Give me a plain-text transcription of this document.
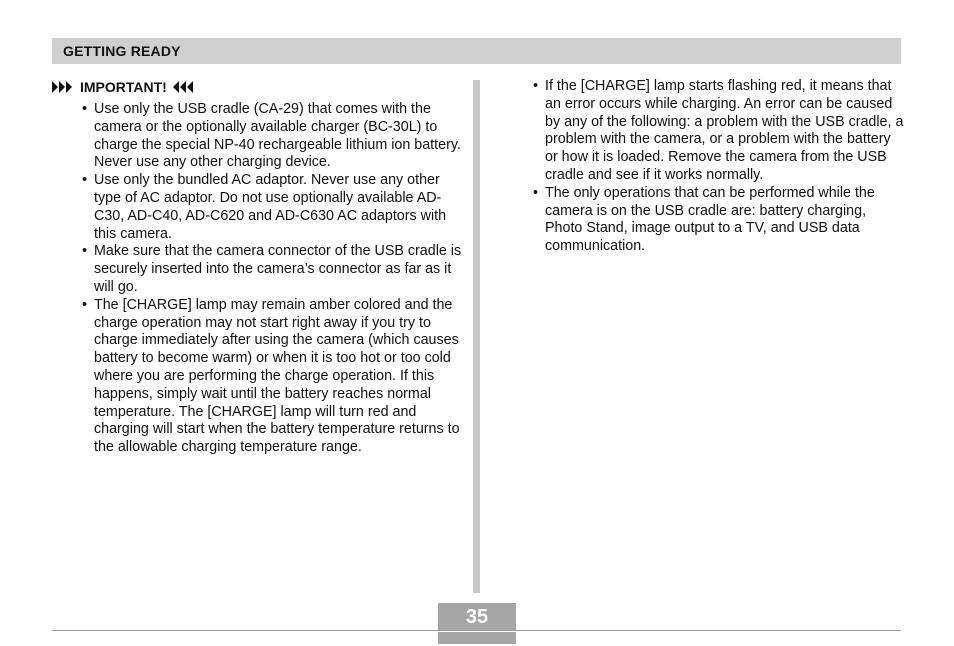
GETTING READY
IMPORTANT!
• Use only the USB cradle (CA-29) that comes with the camera or the optionally available charger (BC-30L) to charge the special NP-40 rechargeable lithium ion battery. Never use any other charging device.
• Use only the bundled AC adaptor. Never use any other type of AC adaptor. Do not use optionally available AD-C30, AD-C40, AD-C620 and AD-C630 AC adaptors with this camera.
• Make sure that the camera connector of the USB cradle is securely inserted into the camera’s connector as far as it will go.
• The [CHARGE] lamp may remain amber colored and the charge operation may not start right away if you try to charge immediately after using the camera (which causes battery to become warm) or when it is too hot or too cold where you are performing the charge operation. If this happens, simply wait until the battery reaches normal temperature. The [CHARGE] lamp will turn red and charging will start when the battery temperature returns to the allowable charging temperature range.
• If the [CHARGE] lamp starts flashing red, it means that an error occurs while charging. An error can be caused by any of the following: a problem with the USB cradle, a problem with the camera, or a problem with the battery or how it is loaded. Remove the camera from the USB cradle and see if it works normally.
• The only operations that can be performed while the camera is on the USB cradle are: battery charging, Photo Stand, image output to a TV, and USB data communication.
35
